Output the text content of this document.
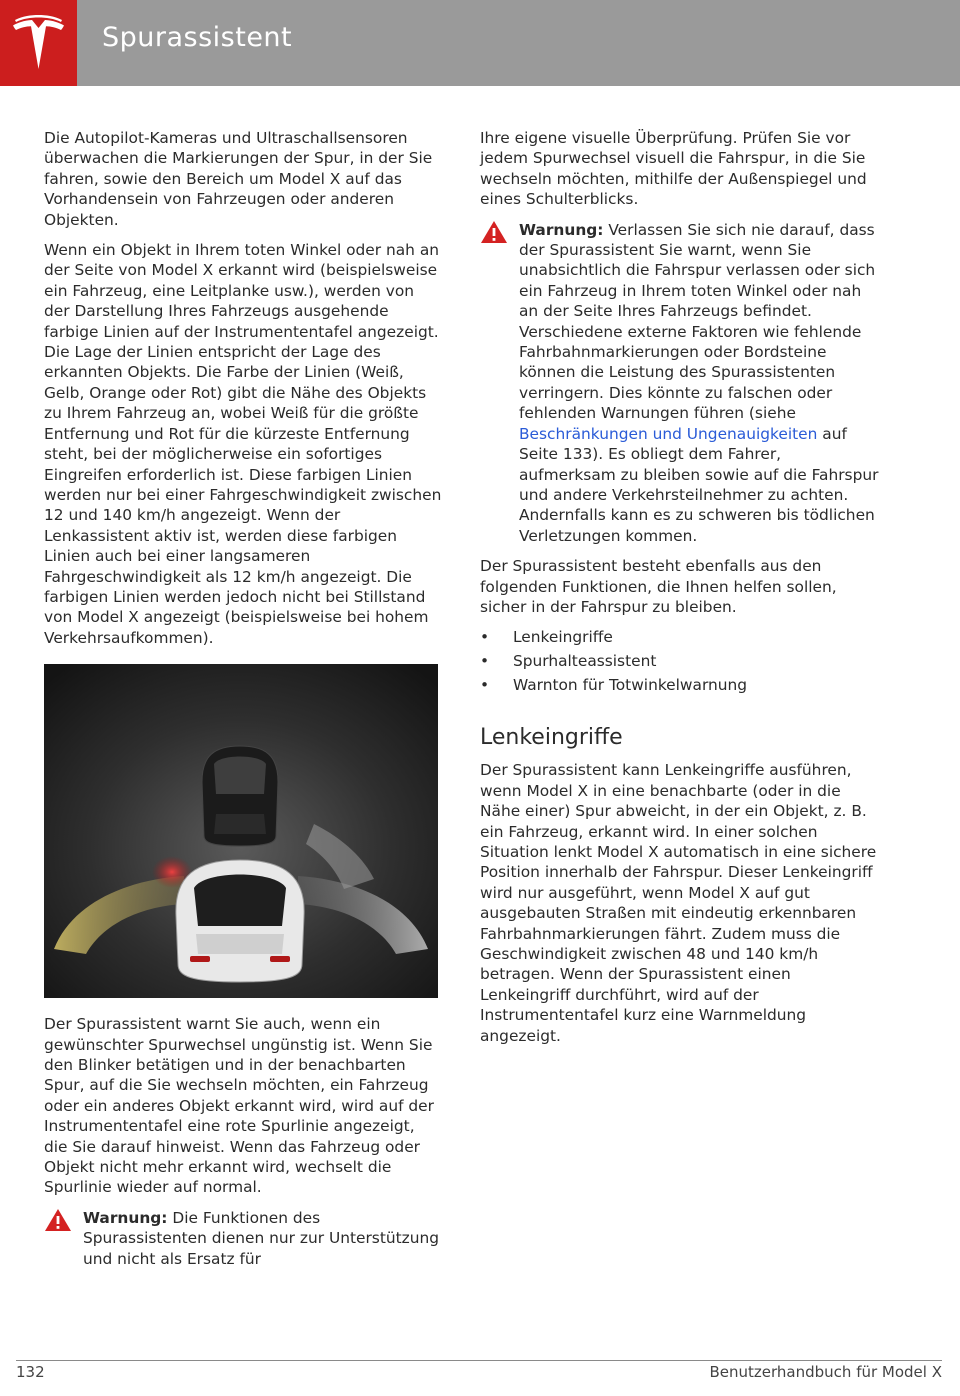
Spurassistent

Die Autopilot-Kameras und Ultraschallsensoren überwachen die Markierungen der Spur, in der Sie fahren, sowie den Bereich um Model X auf das Vorhandensein von Fahrzeugen oder anderen Objekten.

Wenn ein Objekt in Ihrem toten Winkel oder nah an der Seite von Model X erkannt wird (beispielsweise ein Fahrzeug, eine Leitplanke usw.), werden von der Darstellung Ihres Fahrzeugs ausgehende farbige Linien auf der Instrumententafel angezeigt. Die Lage der Linien entspricht der Lage des erkannten Objekts. Die Farbe der Linien (Weiß, Gelb, Orange oder Rot) gibt die Nähe des Objekts zu Ihrem Fahrzeug an, wobei Weiß für die größte Entfernung und Rot für die kürzeste Entfernung steht, bei der möglicherweise ein sofortiges Eingreifen erforderlich ist. Diese farbigen Linien werden nur bei einer Fahrgeschwindigkeit zwischen 12 und 140 km/h angezeigt. Wenn der Lenkassistent aktiv ist, werden diese farbigen Linien auch bei einer langsameren Fahrgeschwindigkeit als 12 km/h angezeigt. Die farbigen Linien werden jedoch nicht bei Stillstand von Model X angezeigt (beispielsweise bei hohem Verkehrsaufkommen).

Der Spurassistent warnt Sie auch, wenn ein gewünschter Spurwechsel ungünstig ist. Wenn Sie den Blinker betätigen und in der benachbarten Spur, auf die Sie wechseln möchten, ein Fahrzeug oder ein anderes Objekt erkannt wird, wird auf der Instrumententafel eine rote Spurlinie angezeigt, die Sie darauf hinweist. Wenn das Fahrzeug oder Objekt nicht mehr erkannt wird, wechselt die Spurlinie wieder auf normal.

Warnung: Die Funktionen des Spurassistenten dienen nur zur Unterstützung und nicht als Ersatz für

Ihre eigene visuelle Überprüfung. Prüfen Sie vor jedem Spurwechsel visuell die Fahrspur, in die Sie wechseln möchten, mithilfe der Außenspiegel und eines Schulterblicks.

Warnung: Verlassen Sie sich nie darauf, dass der Spurassistent Sie warnt, wenn Sie unabsichtlich die Fahrspur verlassen oder sich ein Fahrzeug in Ihrem toten Winkel oder nah an der Seite Ihres Fahrzeugs befindet. Verschiedene externe Faktoren wie fehlende Fahrbahnmarkierungen oder Bordsteine können die Leistung des Spurassistenten verringern. Dies könnte zu falschen oder fehlenden Warnungen führen (siehe Beschränkungen und Ungenauigkeiten auf Seite 133). Es obliegt dem Fahrer, aufmerksam zu bleiben sowie auf die Fahrspur und andere Verkehrsteilnehmer zu achten. Andernfalls kann es zu schweren bis tödlichen Verletzungen kommen.

Der Spurassistent besteht ebenfalls aus den folgenden Funktionen, die Ihnen helfen sollen, sicher in der Fahrspur zu bleiben.

• Lenkeingriffe
• Spurhalteassistent
• Warnton für Totwinkelwarnung
Lenkeingriffe

Der Spurassistent kann Lenkeingriffe ausführen, wenn Model X in eine benachbarte (oder in die Nähe einer) Spur abweicht, in der ein Objekt, z. B. ein Fahrzeug, erkannt wird. In einer solchen Situation lenkt Model X automatisch in eine sichere Position innerhalb der Fahrspur. Dieser Lenkeingriff wird nur ausgeführt, wenn Model X auf gut ausgebauten Straßen mit eindeutig erkennbaren Fahrbahnmarkierungen fährt. Zudem muss die Geschwindigkeit zwischen 48 und 140 km/h betragen. Wenn der Spurassistent einen Lenkeingriff durchführt, wird auf der Instrumententafel kurz eine Warnmeldung angezeigt.

132	Benutzerhandbuch für Model X
